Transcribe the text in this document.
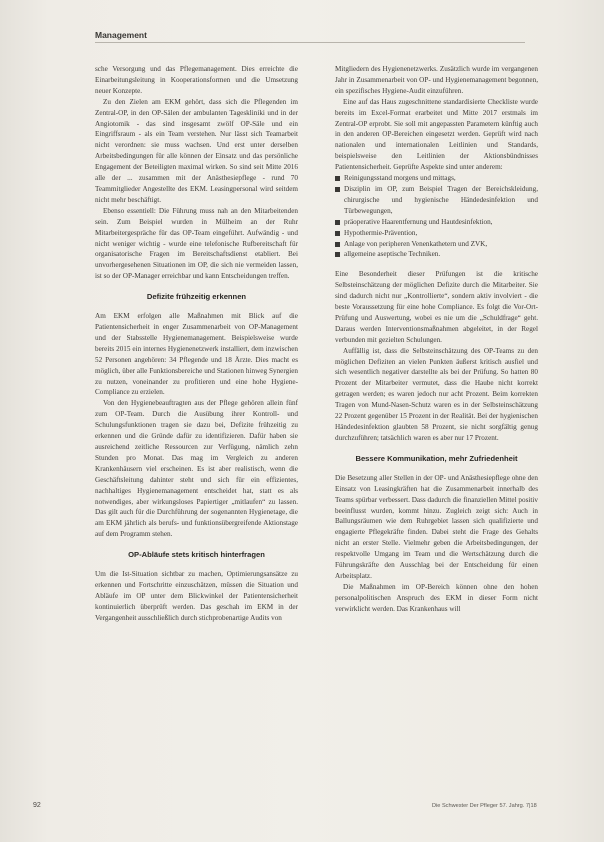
Management

sche Versorgung und das Pflegemanagement. Dies erreichte die Einarbeitungsleitung in Kooperationsformen und die Umsetzung neuer Konzepte.

Zu den Zielen am EKM gehört, dass sich die Pflegenden im Zentral-OP, in den OP-Sälen der ambulanten Tageskliniki und in der Angiotomik - das sind insgesamt zwölf OP-Säle und ein Eingriffsraum - als ein Team verstehen. Nur lässt sich Teamarbeit nicht verordnen: sie muss wachsen. Und erst unter derselben Arbeitsbedingungen für alle können der Einsatz und das persönliche Engagement der Beteiligten maximal wirken. So sind seit Mitte 2016 alle der ... zusammen mit der Anästhesiepflege - rund 70 Teammitglieder Angestellte des EKM. Leasingpersonal wird seitdem nicht mehr beschäftigt.

Ebenso essentiell: Die Führung muss nah an den Mitarbeitenden sein. Zum Beispiel wurden in Mülheim an der Ruhr Mitarbeitergespräche für das OP-Team eingeführt. Aufwändig - und nicht weniger wichtig - wurde eine telefonische Rufbereitschaft für organisatorische Fragen im Bereitschaftsdienst etabliert. Bei unvorhergesehenen Situationen im OP, die sich nie vermeiden lassen, ist so der OP-Manager erreichbar und kann Entscheidungen treffen.

Defizite frühzeitig erkennen

Am EKM erfolgen alle Maßnahmen mit Blick auf die Patientensicherheit in enger Zusammenarbeit von OP-Management und der Stabsstelle Hygienemanagement. Beispielsweise wurde bereits 2015 ein internes Hygienenetzwerk installiert, dem inzwischen 52 Personen angehören: 34 Pflegende und 18 Ärzte. Dies macht es möglich, über alle Funktionsbereiche und Stationen hinweg Synergien zu nutzen, voneinander zu profitieren und eine hohe Hygiene-Compliance zu erzielen.

Von den Hygienebeauftragten aus der Pflege gehören allein fünf zum OP-Team. Durch die Ausübung ihrer Kontroll- und Schulungsfunktionen tragen sie dazu bei, Defizite frühzeitig zu erkennen und die Gründe dafür zu identifizieren. Dafür haben sie ausreichend zeitliche Ressourcen zur Verfügung, nämlich zehn Stunden pro Monat. Das mag im Vergleich zu anderen Krankenhäusern viel erscheinen. Es ist aber realistisch, wenn die Geschäftsleitung dahinter steht und sich für ein effizientes, nachhaltiges Hygienemanagement entscheidet hat, statt es als notwendiges, aber wirkungsloses Papiertiger „mitlaufen“ zu lassen. Das gilt auch für die Durchführung der sogenannten Hygienetage, die am EKM jährlich als berufs- und funktionsübergreifende Aktionstage auf dem Programm stehen.

OP-Abläufe stets kritisch hinterfragen

Um die Ist-Situation sichtbar zu machen, Optimierungsansätze zu erkennen und Fortschritte einzuschätzen, müssen die Situation und Abläufe im OP unter dem Blickwinkel der Patientensicherheit kontinuierlich überprüft werden. Das geschah im EKM in der Vergangenheit ausschließlich durch stichprobenartige Audits von

Mitgliedern des Hygienenetzwerks. Zusätzlich wurde im vergangenen Jahr in Zusammenarbeit von OP- und Hygienemanagement begonnen, ein spezifisches Hygiene-Audit einzuführen.

Eine auf das Haus zugeschnittene standardisierte Checkliste wurde bereits im Excel-Format erarbeitet und Mitte 2017 erstmals im Zentral-OP erprobt. Sie soll mit angepassten Parametern künftig auch in den anderen OP-Bereichen eingesetzt werden. Geprüft wird nach nationalen und internationalen Leitlinien und Standards, beispielsweise den Leitlinien der Aktionsbündnisses Patientensicherheit. Geprüfte Aspekte sind unter anderem:

Reinigungsstand morgens und mittags,
Disziplin im OP, zum Beispiel Tragen der Bereichskleidung, chirurgische und hygienische Händedesinfektion und Türbewegungen,
präoperative Haarentfernung und Hautdesinfektion,
Hypothermie-Prävention,
Anlage von peripheren Venenkathetern und ZVK,
allgemeine aseptische Techniken.

Eine Besonderheit dieser Prüfungen ist die kritische Selbsteinschätzung der möglichen Defizite durch die Mitarbeiter. Sie sind dadurch nicht nur „Kontrollierte“, sondern aktiv involviert - die beste Voraussetzung für eine hohe Compliance. Es folgt die Vor-Ort-Prüfung und Auswertung, wobei es nie um die „Schuldfrage“ geht. Daraus werden Interventionsmaßnahmen abgeleitet, in der Regel verbunden mit gezielten Schulungen.

Auffällig ist, dass die Selbsteinschätzung des OP-Teams zu den möglichen Defiziten an vielen Punkten äußerst kritisch ausfiel und sich wesentlich negativer darstellte als bei der Prüfung. So hatten 80 Prozent der Mitarbeiter vermutet, dass die Haube nicht korrekt getragen werden; es waren jedoch nur acht Prozent. Beim korrekten Tragen von Mund-Nasen-Schutz waren es in der Selbsteinschätzung 22 Prozent gegenüber 15 Prozent in der Realität. Bei der hygienischen Händedesinfektion glaubten 58 Prozent, sie nicht sorgfältig genug durchzuführen; tatsächlich waren es aber nur 17 Prozent.

Bessere Kommunikation, mehr Zufriedenheit

Die Besetzung aller Stellen in der OP- und Anästhesiepflege ohne den Einsatz von Leasingkräften hat die Zusammenarbeit innerhalb des Teams spürbar verbessert. Dass dadurch die finanziellen Mittel positiv beeinflusst wurden, kommt hinzu. Zugleich zeigt sich: Auch in Ballungsräumen wie dem Ruhrgebiet lassen sich qualifizierte und engagierte Pflegekräfte finden. Dabei steht die Frage des Gehalts nicht an erster Stelle. Vielmehr geben die Arbeitsbedingungen, der respektvolle Umgang im Team und die Wertschätzung durch die Führungskräfte den Ausschlag bei der Entscheidung für einen Arbeitsplatz.

Die Maßnahmen im OP-Bereich können ohne den hohen personalpolitischen Anspruch des EKM in dieser Form nicht verwirklicht werden. Das Krankenhaus will

92	Die Schwester Der Pfleger 57. Jahrg. 7|18
